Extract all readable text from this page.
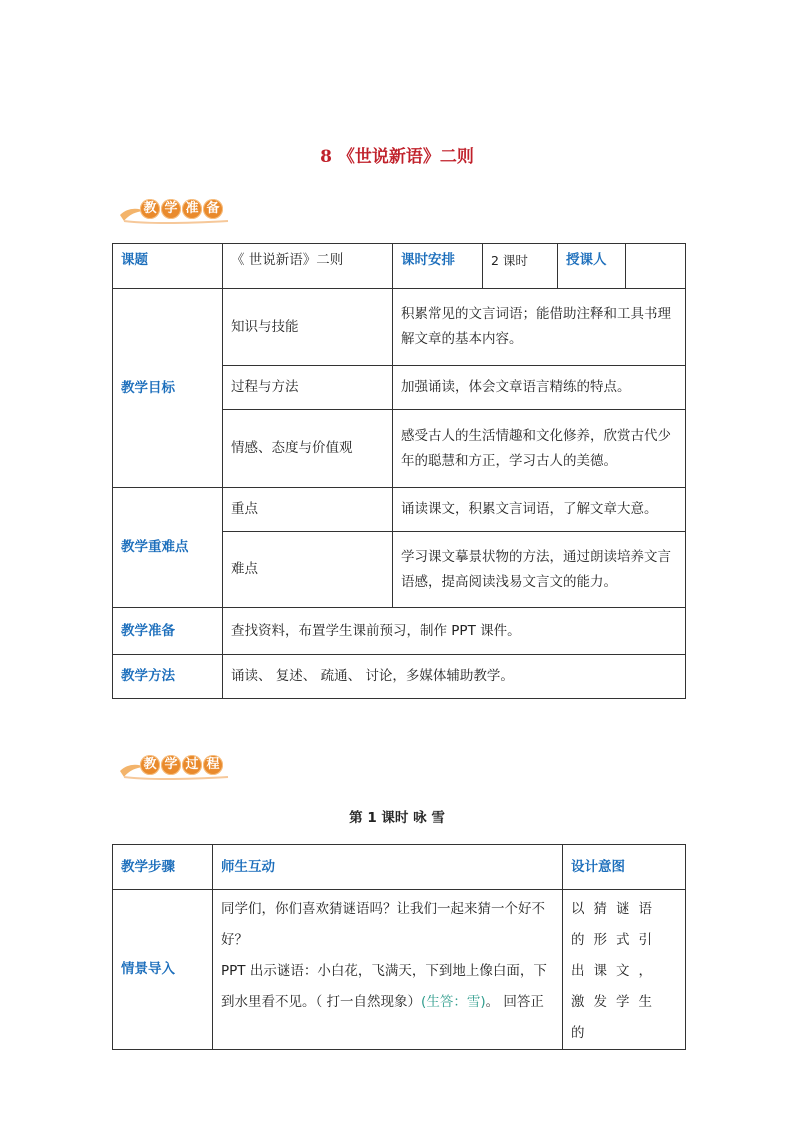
8 《世说新语》二则
教 学 准 备
课题	《 世说新语》二则	课时安排	2 课时	授课人	
教学目标	知识与技能	积累常见的文言词语；能借助注释和工具书理解文章的基本内容。			
	过程与方法	加强诵读，体会文章语言精练的特点。			
	情感、态度与价值观	感受古人的生活情趣和文化修养，欣赏古代少年的聪慧和方正，学习古人的美德。			
教学重难点	重点	诵读课文，积累文言词语，了解文章大意。			
	难点	学习课文摹景状物的方法，通过朗读培养文言语感，提高阅读浅易文言文的能力。			
教学准备	查找资料，布置学生课前预习，制作 PPT 课件。				
教学方法	诵读、 复述、 疏通、 讨论，多媒体辅助教学。				
教 学 过 程
第 1 课时 咏 雪
教学步骤	师生互动	设计意图
情景导入	同学们，你们喜欢猜谜语吗？让我们一起来猜一个好不好？
PPT 出示谜语：小白花，飞满天，下到地上像白面，下到水里看不见。（ 打一自然现象）(生答：雪)。 回答正	以猜谜语的形式引出课文，激发学生的
